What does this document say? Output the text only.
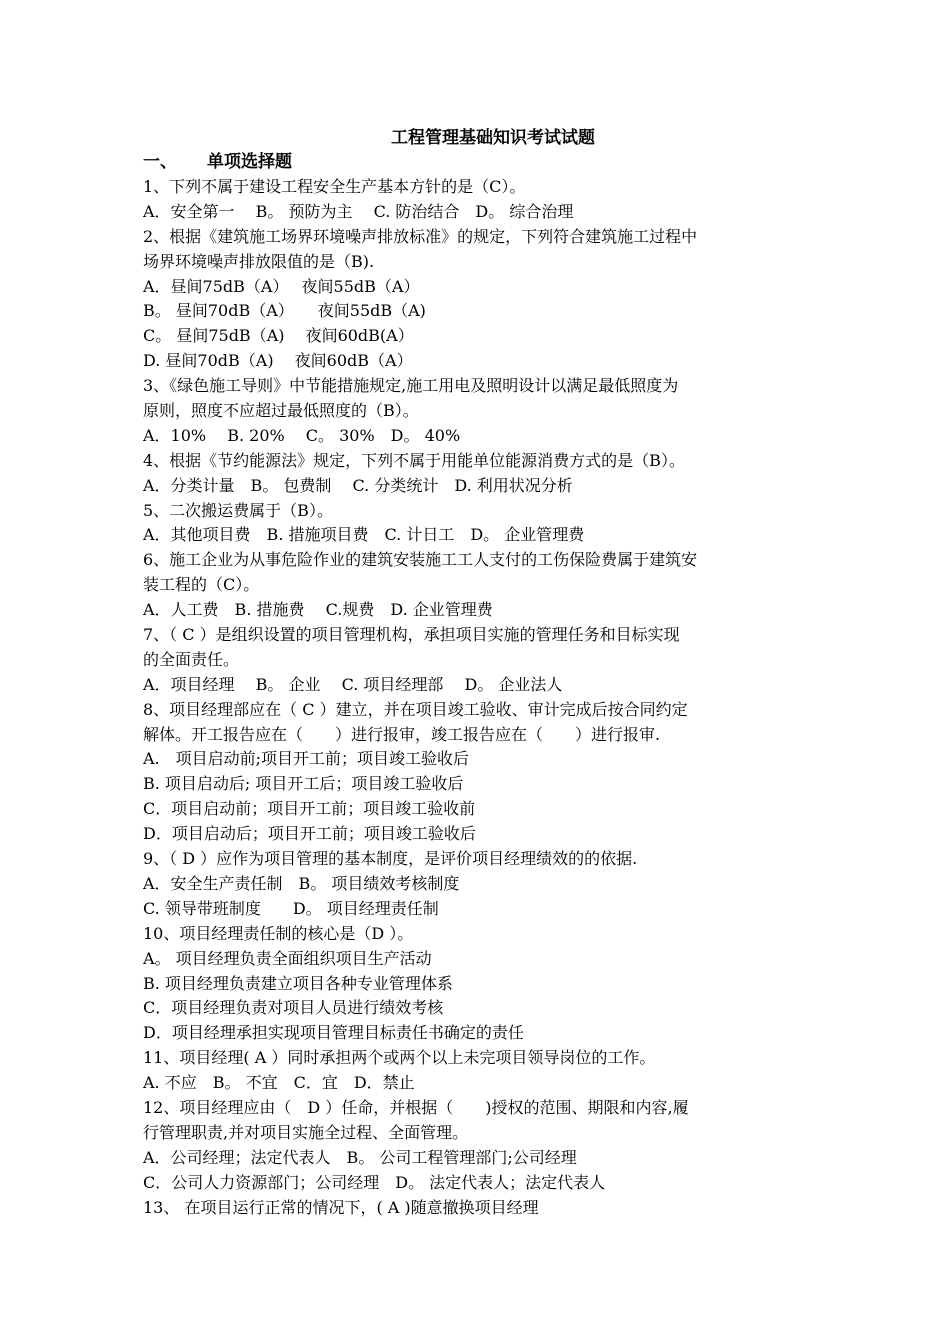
工程管理基础知识考试试题
一、 单项选择题
1、下列不属于建设工程安全生产基本方针的是（C）。
A．安全第一　 B。 预防为主　 C. 防治结合　D。 综合治理
2、根据《建筑施工场界环境噪声排放标准》的规定，下列符合建筑施工过程中
场界环境噪声排放限值的是（B).
A．昼间75dB（A）　 夜间55dB（A）
B。 昼间70dB（A）　　夜间55dB（A)
C。 昼间75dB（A)　 夜间60dB(A）
D. 昼间70dB（A)　 夜间60dB（A）
3、《绿色施工导则》中节能措施规定,施工用电及照明设计以满足最低照度为
原则，照度不应超过最低照度的（B）。
A．10%　 B. 20%　 C。 30%　D。 40%
4、根据《节约能源法》规定，下列不属于用能单位能源消费方式的是（B）。
A．分类计量　B。 包费制　 C. 分类统计　D. 利用状况分析
5、二次搬运费属于（B）。
A．其他项目费　B. 措施项目费　C. 计日工　D。 企业管理费
6、施工企业为从事危险作业的建筑安装施工工人支付的工伤保险费属于建筑安
装工程的（C）。
A．人工费　B. 措施费　 C.规费　D. 企业管理费
7、（ C ）是组织设置的项目管理机构，承担项目实施的管理任务和目标实现
的全面责任。
A．项目经理　 B。 企业　 C. 项目经理部　 D。 企业法人
8、项目经理部应在（ C ）建立，并在项目竣工验收、审计完成后按合同约定
解体。开工报告应在（　　）进行报审，竣工报告应在（　　）进行报审.
A.　项目启动前;项目开工前；项目竣工验收后
B. 项目启动后; 项目开工后；项目竣工验收后
C．项目启动前；项目开工前；项目竣工验收前
D．项目启动后；项目开工前；项目竣工验收后
9、（ D ）应作为项目管理的基本制度，是评价项目经理绩效的的依据.
A．安全生产责任制　B。 项目绩效考核制度
C. 领导带班制度　　D。 项目经理责任制
10、项目经理责任制的核心是（D ）。
A。 项目经理负责全面组织项目生产活动
B. 项目经理负责建立项目各种专业管理体系
C．项目经理负责对项目人员进行绩效考核
D．项目经理承担实现项目管理目标责任书确定的责任
11、项目经理( A ）同时承担两个或两个以上未完项目领导岗位的工作。
A. 不应　B。 不宜　C．宜　D．禁止
12、项目经理应由（　D ）任命，并根据（　　)授权的范围、期限和内容,履
行管理职责,并对项目实施全过程、全面管理。
A．公司经理；法定代表人　B。 公司工程管理部门;公司经理
C．公司人力资源部门；公司经理　D。 法定代表人；法定代表人
13、 在项目运行正常的情况下，( A )随意撤换项目经理
